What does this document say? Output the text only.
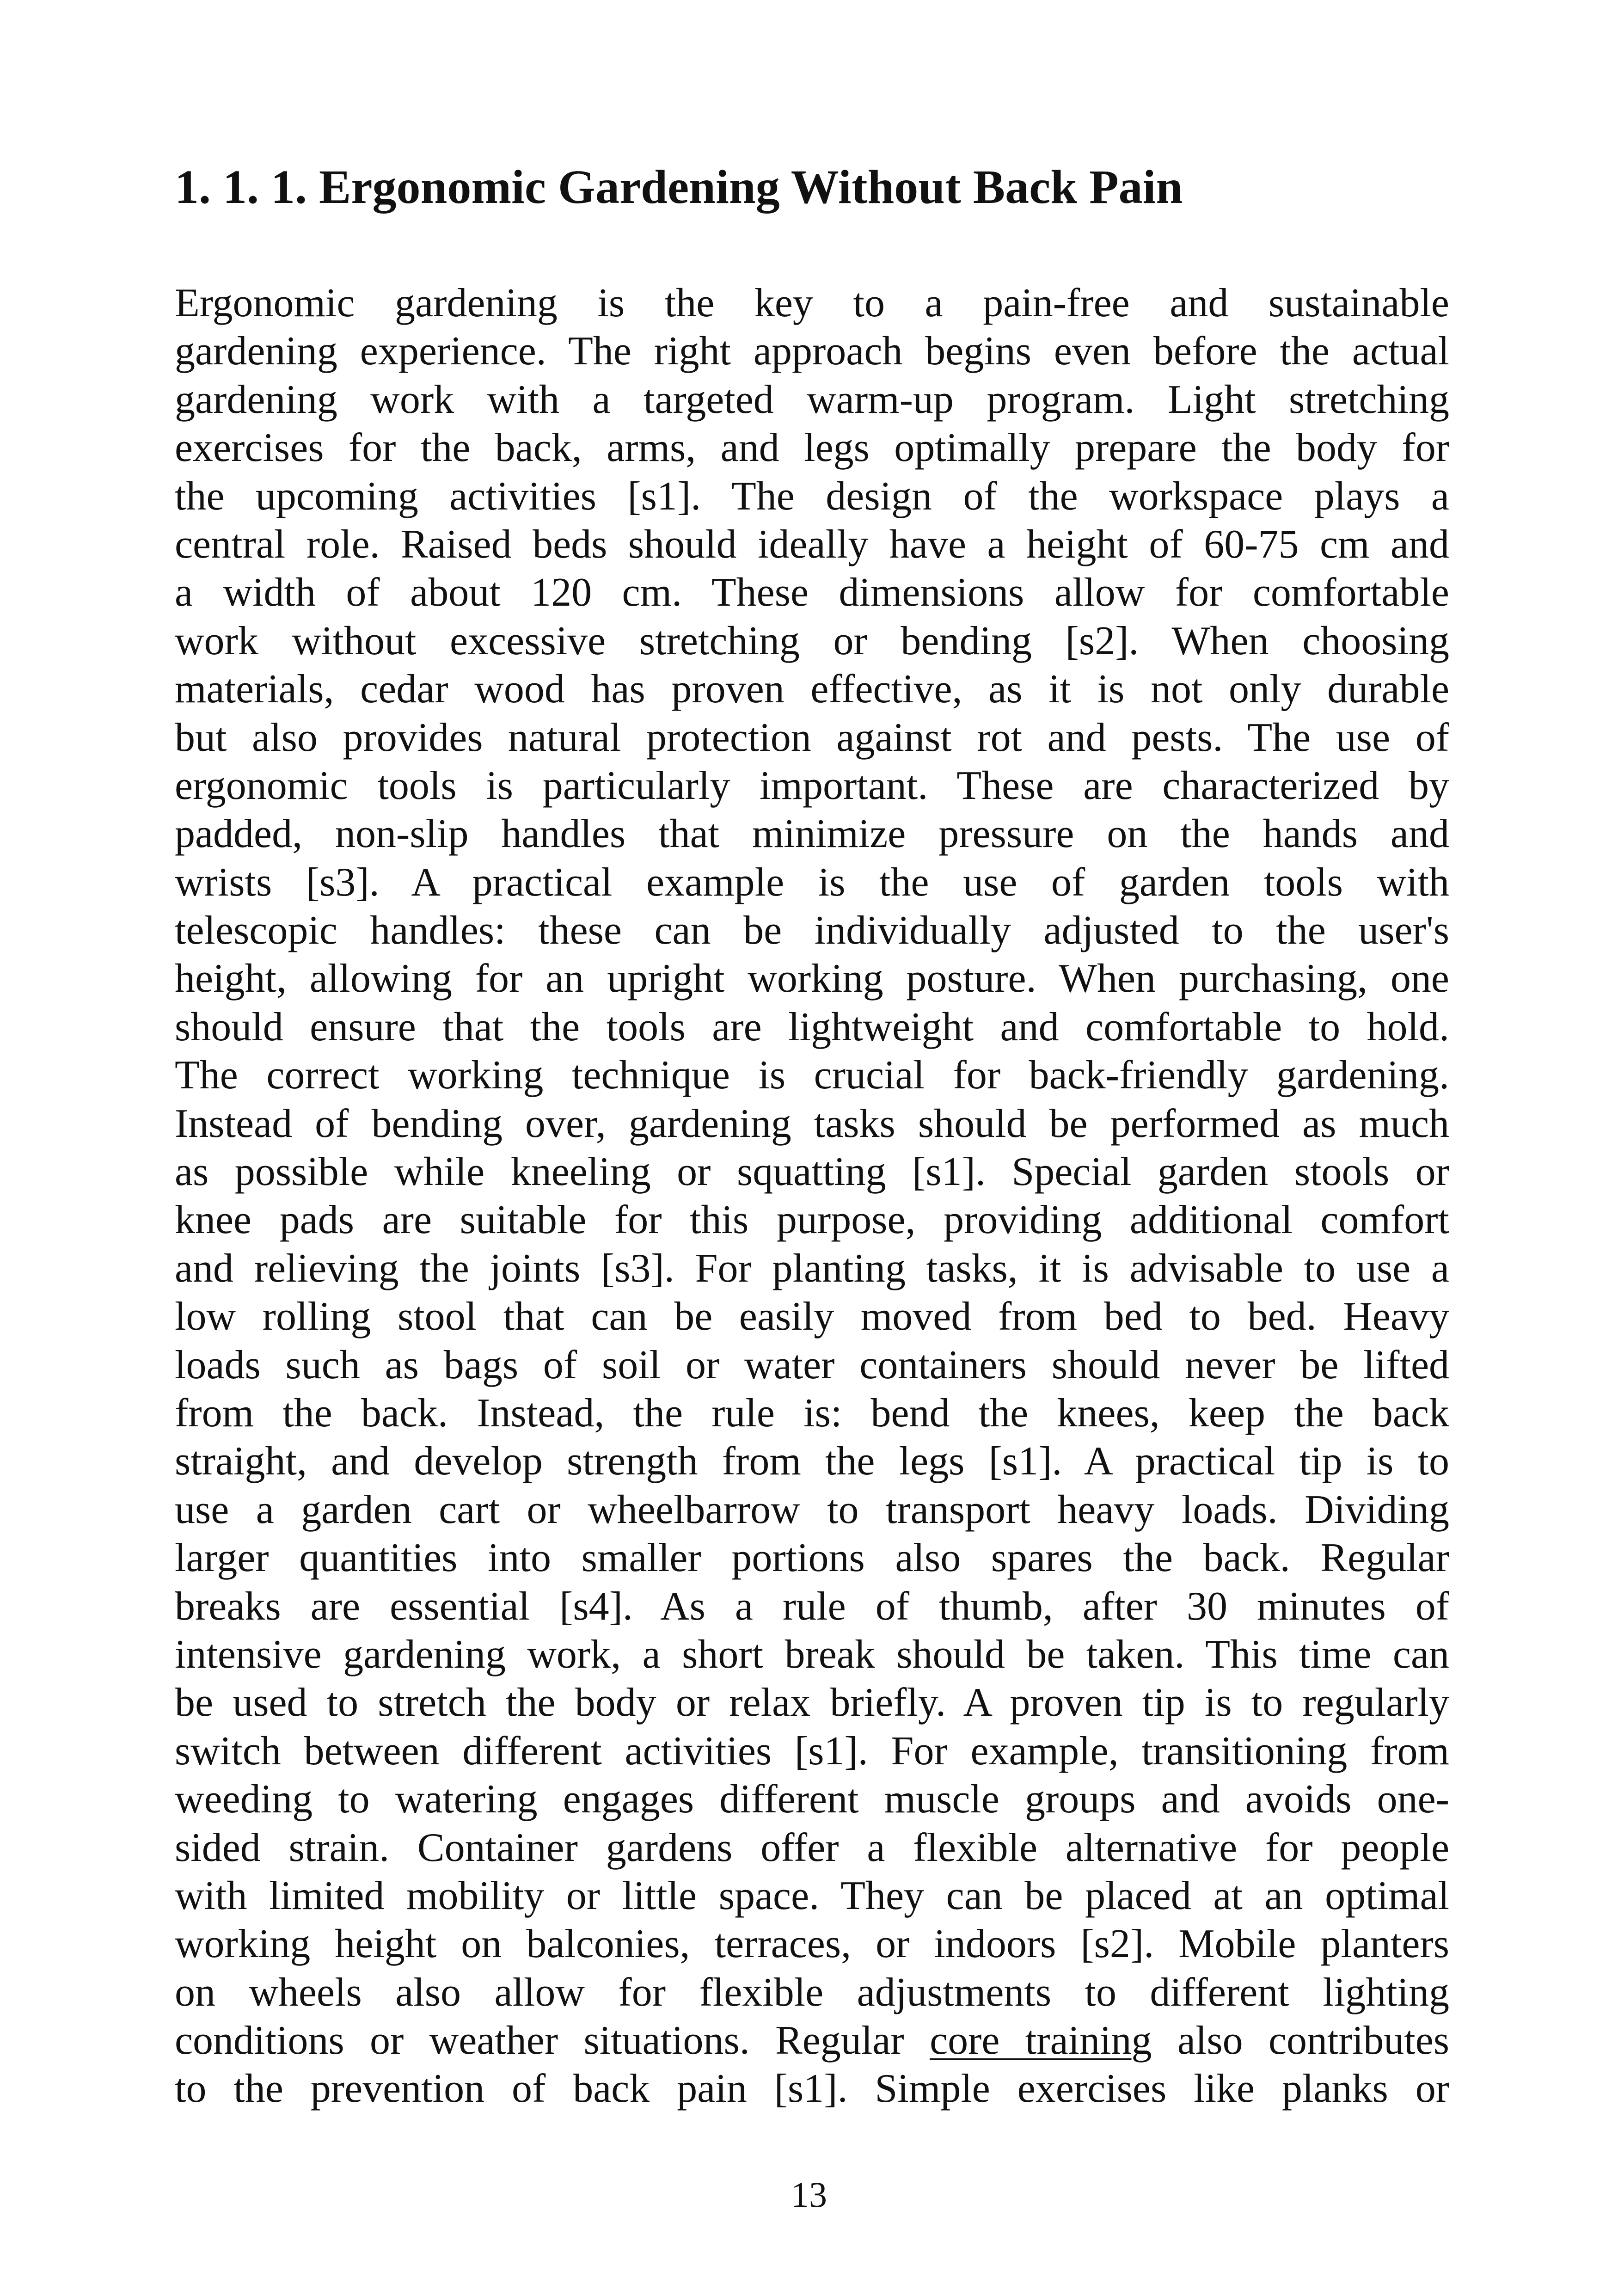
1. 1. 1. Ergonomic Gardening Without Back Pain
Ergonomic gardening is the key to a pain-free and sustainable
gardening experience. The right approach begins even before the actual
gardening work with a targeted warm-up program. Light stretching
exercises for the back, arms, and legs optimally prepare the body for
the upcoming activities [s1]. The design of the workspace plays a
central role. Raised beds should ideally have a height of 60-75 cm and
a width of about 120 cm. These dimensions allow for comfortable
work without excessive stretching or bending [s2]. When choosing
materials, cedar wood has proven effective, as it is not only durable
but also provides natural protection against rot and pests. The use of
ergonomic tools is particularly important. These are characterized by
padded, non-slip handles that minimize pressure on the hands and
wrists [s3]. A practical example is the use of garden tools with
telescopic handles: these can be individually adjusted to the user's
height, allowing for an upright working posture. When purchasing, one
should ensure that the tools are lightweight and comfortable to hold.
The correct working technique is crucial for back-friendly gardening.
Instead of bending over, gardening tasks should be performed as much
as possible while kneeling or squatting [s1]. Special garden stools or
knee pads are suitable for this purpose, providing additional comfort
and relieving the joints [s3]. For planting tasks, it is advisable to use a
low rolling stool that can be easily moved from bed to bed. Heavy
loads such as bags of soil or water containers should never be lifted
from the back. Instead, the rule is: bend the knees, keep the back
straight, and develop strength from the legs [s1]. A practical tip is to
use a garden cart or wheelbarrow to transport heavy loads. Dividing
larger quantities into smaller portions also spares the back. Regular
breaks are essential [s4]. As a rule of thumb, after 30 minutes of
intensive gardening work, a short break should be taken. This time can
be used to stretch the body or relax briefly. A proven tip is to regularly
switch between different activities [s1]. For example, transitioning from
weeding to watering engages different muscle groups and avoids one-
sided strain. Container gardens offer a flexible alternative for people
with limited mobility or little space. They can be placed at an optimal
working height on balconies, terraces, or indoors [s2]. Mobile planters
on wheels also allow for flexible adjustments to different lighting
conditions or weather situations. Regular core training also contributes
to the prevention of back pain [s1]. Simple exercises like planks or
13
